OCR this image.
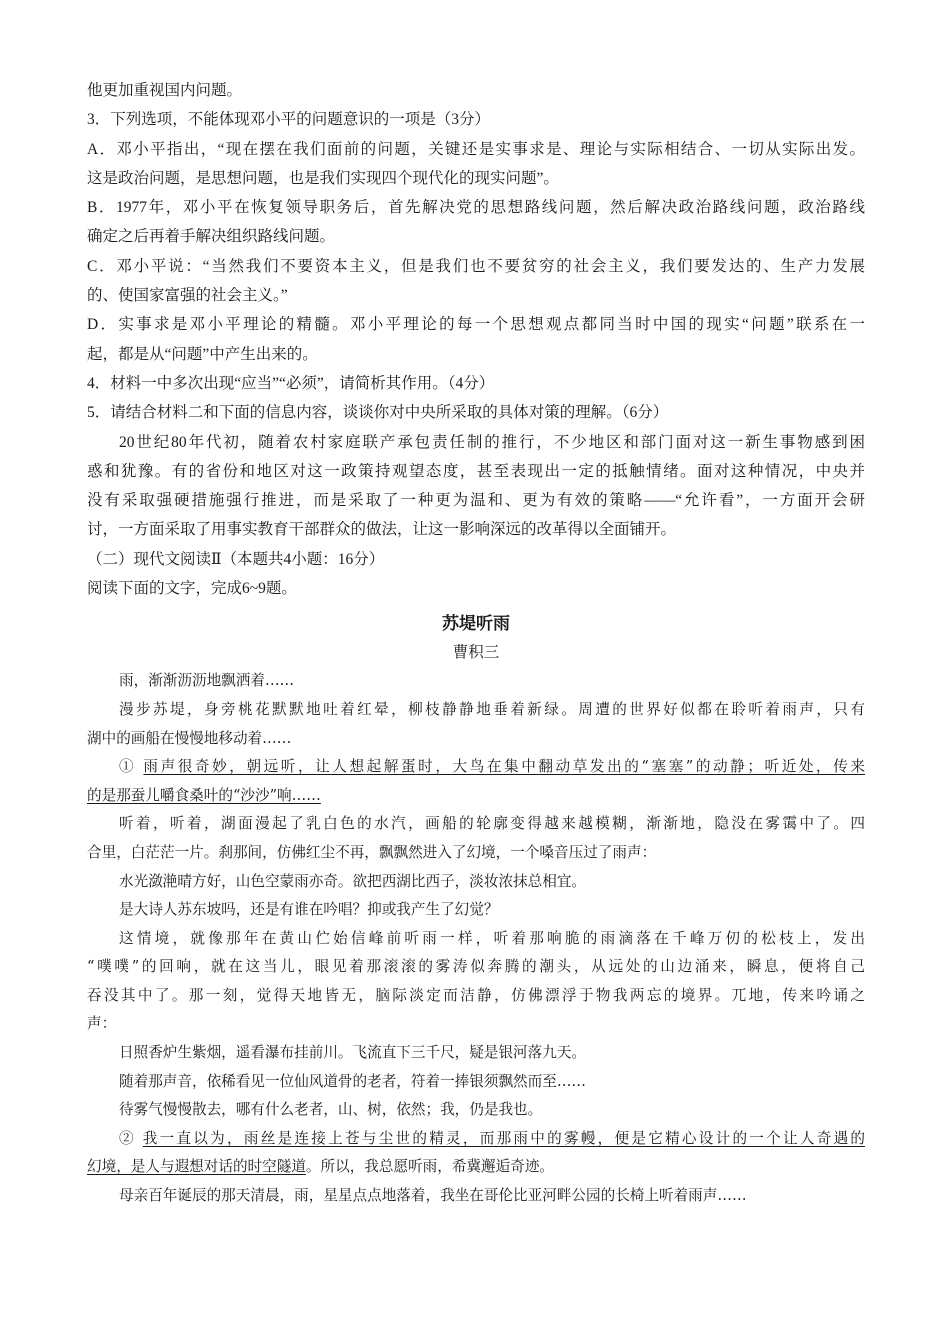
他更加重视国内问题。

3．下列选项，不能体现邓小平的问题意识的一项是（3分）

A．邓小平指出，“现在摆在我们面前的问题，关键还是实事求是、理论与实际相结合、一切从实际出发。

这是政治问题，是思想问题，也是我们实现四个现代化的现实问题”。

B．1977年，邓小平在恢复领导职务后，首先解决党的思想路线问题，然后解决政治路线问题，政治路线

确定之后再着手解决组织路线问题。

C．邓小平说：“当然我们不要资本主义，但是我们也不要贫穷的社会主义，我们要发达的、生产力发展

的、使国家富强的社会主义。”

D．实事求是邓小平理论的精髓。邓小平理论的每一个思想观点都同当时中国的现实“问题”联系在一

起，都是从“问题”中产生出来的。

4．材料一中多次出现“应当”“必须”，请简析其作用。（4分）

5．请结合材料二和下面的信息内容，谈谈你对中央所采取的具体对策的理解。（6分）

20世纪80年代初，随着农村家庭联产承包责任制的推行，不少地区和部门面对这一新生事物感到困

惑和犹豫。有的省份和地区对这一政策持观望态度，甚至表现出一定的抵触情绪。面对这种情况，中央并

没有采取强硬措施强行推进，而是采取了一种更为温和、更为有效的策略——“允许看”，一方面开会研

讨，一方面采取了用事实教育干部群众的做法，让这一影响深远的改革得以全面铺开。

（二）现代文阅读Ⅱ（本题共4小题：16分）

阅读下面的文字，完成6~9题。

苏堤听雨

曹积三

雨，渐渐沥沥地飘洒着……

漫步苏堤，身旁桃花默默地吐着红晕，柳枝静静地垂着新绿。周遭的世界好似都在聆听着雨声，只有

湖中的画船在慢慢地移动着……

① 雨声很奇妙，朝远听，让人想起解蛋时，大鸟在集中翻动草发出的“塞塞”的动静；听近处，传来

的是那蚕儿嚼食桑叶的“沙沙”响……

听着，听着，湖面漫起了乳白色的水汽，画船的轮廓变得越来越模糊，渐渐地，隐没在雾霭中了。四

合里，白茫茫一片。刹那间，仿佛红尘不再，飘飘然进入了幻境，一个嗓音压过了雨声：

水光潋滟晴方好，山色空蒙雨亦奇。欲把西湖比西子，淡妆浓抹总相宜。

是大诗人苏东坡吗，还是有谁在吟唱？抑或我产生了幻觉？

这情境，就像那年在黄山伫始信峰前听雨一样，听着那响脆的雨滴落在千峰万仞的松枝上，发出

“噗噗”的回响，就在这当儿，眼见着那滚滚的雾涛似奔腾的潮头，从远处的山边涌来，瞬息，便将自己

吞没其中了。那一刻，觉得天地皆无，脑际淡定而洁静，仿佛漂浮于物我两忘的境界。兀地，传来吟诵之

声：

日照香炉生紫烟，遥看瀑布挂前川。飞流直下三千尺，疑是银河落九天。

随着那声音，依稀看见一位仙风道骨的老者，符着一捧银须飘然而至……

待雾气慢慢散去，哪有什么老者，山、树，依然；我，仍是我也。

② 我一直以为，雨丝是连接上苍与尘世的精灵，而那雨中的雾幔，便是它精心设计的一个让人奇遇的

幻境，是人与遐想对话的时空隧道。所以，我总愿听雨，希冀邂逅奇迹。

母亲百年诞辰的那天清晨，雨，星星点点地落着，我坐在哥伦比亚河畔公园的长椅上听着雨声……
